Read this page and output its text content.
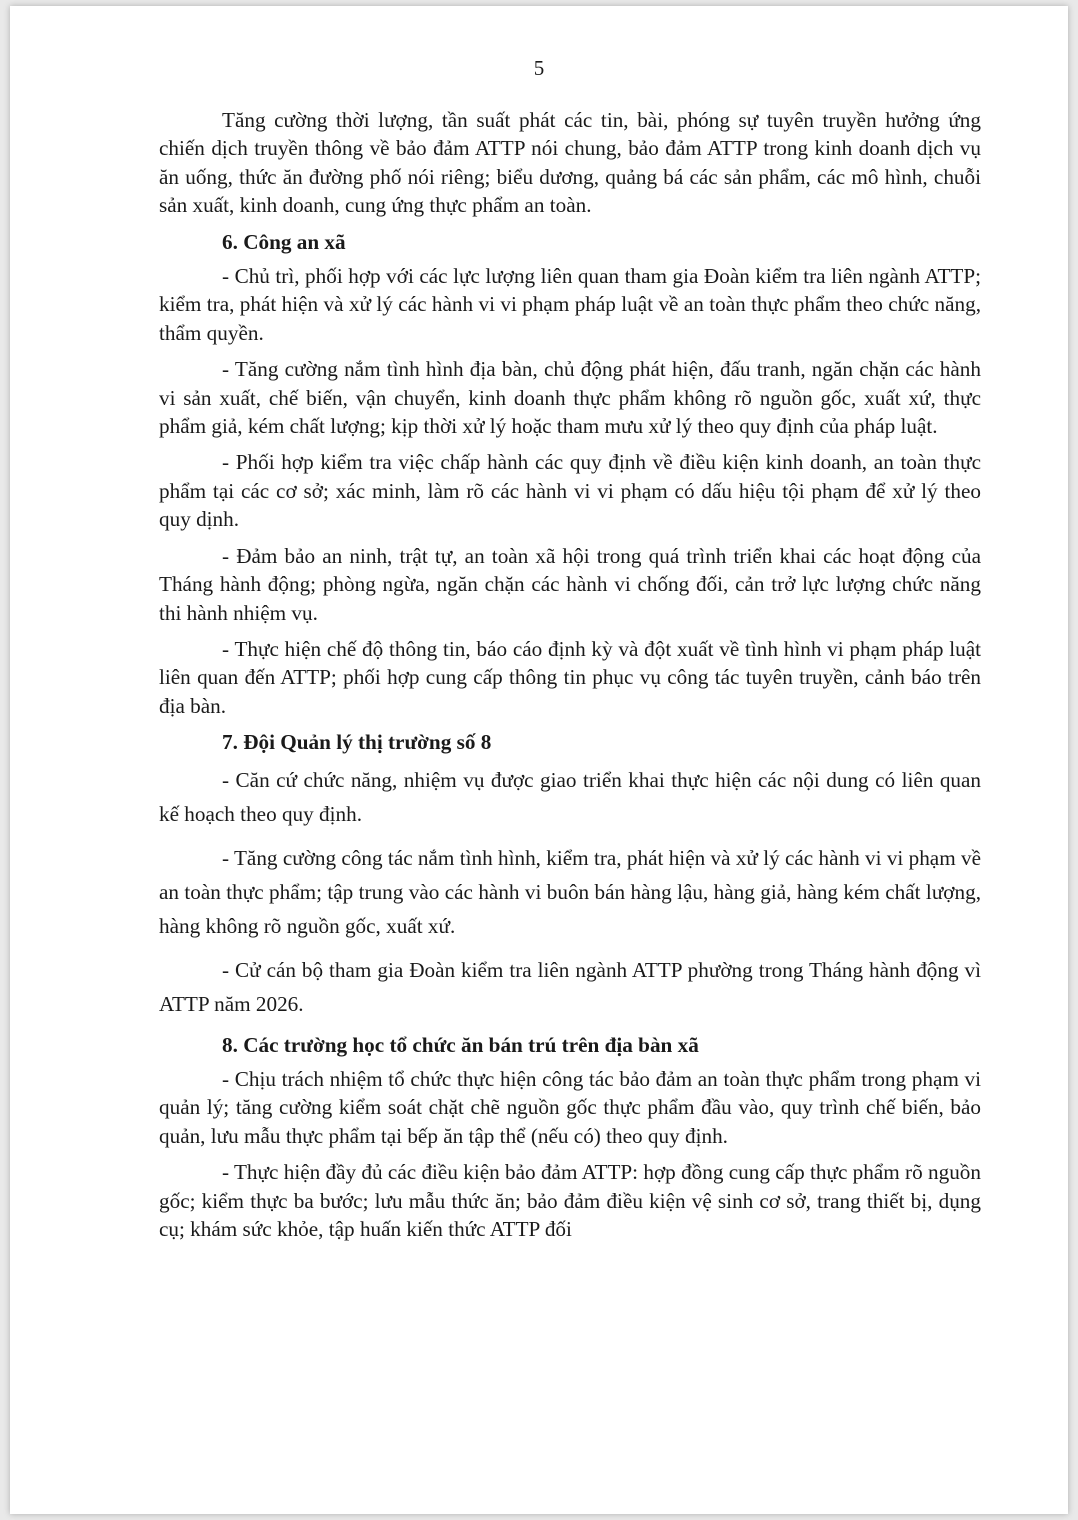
5

Tăng cường thời lượng, tần suất phát các tin, bài, phóng sự tuyên truyền hưởng ứng chiến dịch truyền thông về bảo đảm ATTP nói chung, bảo đảm ATTP trong kinh doanh dịch vụ ăn uống, thức ăn đường phố nói riêng; biểu dương, quảng bá các sản phẩm, các mô hình, chuỗi sản xuất, kinh doanh, cung ứng thực phẩm an toàn.

6. Công an xã

- Chủ trì, phối hợp với các lực lượng liên quan tham gia Đoàn kiểm tra liên ngành ATTP; kiểm tra, phát hiện và xử lý các hành vi vi phạm pháp luật về an toàn thực phẩm theo chức năng, thẩm quyền.

- Tăng cường nắm tình hình địa bàn, chủ động phát hiện, đấu tranh, ngăn chặn các hành vi sản xuất, chế biến, vận chuyển, kinh doanh thực phẩm không rõ nguồn gốc, xuất xứ, thực phẩm giả, kém chất lượng; kịp thời xử lý hoặc tham mưu xử lý theo quy định của pháp luật.

- Phối hợp kiểm tra việc chấp hành các quy định về điều kiện kinh doanh, an toàn thực phẩm tại các cơ sở; xác minh, làm rõ các hành vi vi phạm có dấu hiệu tội phạm để xử lý theo quy dịnh.

- Đảm bảo an ninh, trật tự, an toàn xã hội trong quá trình triển khai các hoạt động của Tháng hành động; phòng ngừa, ngăn chặn các hành vi chống đối, cản trở lực lượng chức năng thi hành nhiệm vụ.

- Thực hiện chế độ thông tin, báo cáo định kỳ và đột xuất về tình hình vi phạm pháp luật liên quan đến ATTP; phối hợp cung cấp thông tin phục vụ công tác tuyên truyền, cảnh báo trên địa bàn.

7. Đội Quản lý thị trường số 8

- Căn cứ chức năng, nhiệm vụ được giao triển khai thực hiện các nội dung có liên quan kế hoạch theo quy định.

- Tăng cường công tác nắm tình hình, kiểm tra, phát hiện và xử lý các hành vi vi phạm về an toàn thực phẩm; tập trung vào các hành vi buôn bán hàng lậu, hàng giả, hàng kém chất lượng, hàng không rõ nguồn gốc, xuất xứ.

- Cử cán bộ tham gia Đoàn kiểm tra liên ngành ATTP phường trong Tháng hành động vì ATTP năm 2026.

8. Các trường học tổ chức ăn bán trú trên địa bàn xã

- Chịu trách nhiệm tổ chức thực hiện công tác bảo đảm an toàn thực phẩm trong phạm vi quản lý; tăng cường kiểm soát chặt chẽ nguồn gốc thực phẩm đầu vào, quy trình chế biến, bảo quản, lưu mẫu thực phẩm tại bếp ăn tập thể (nếu có) theo quy định.

- Thực hiện đầy đủ các điều kiện bảo đảm ATTP: hợp đồng cung cấp thực phẩm rõ nguồn gốc; kiểm thực ba bước; lưu mẫu thức ăn; bảo đảm điều kiện vệ sinh cơ sở, trang thiết bị, dụng cụ; khám sức khỏe, tập huấn kiến thức ATTP đối
